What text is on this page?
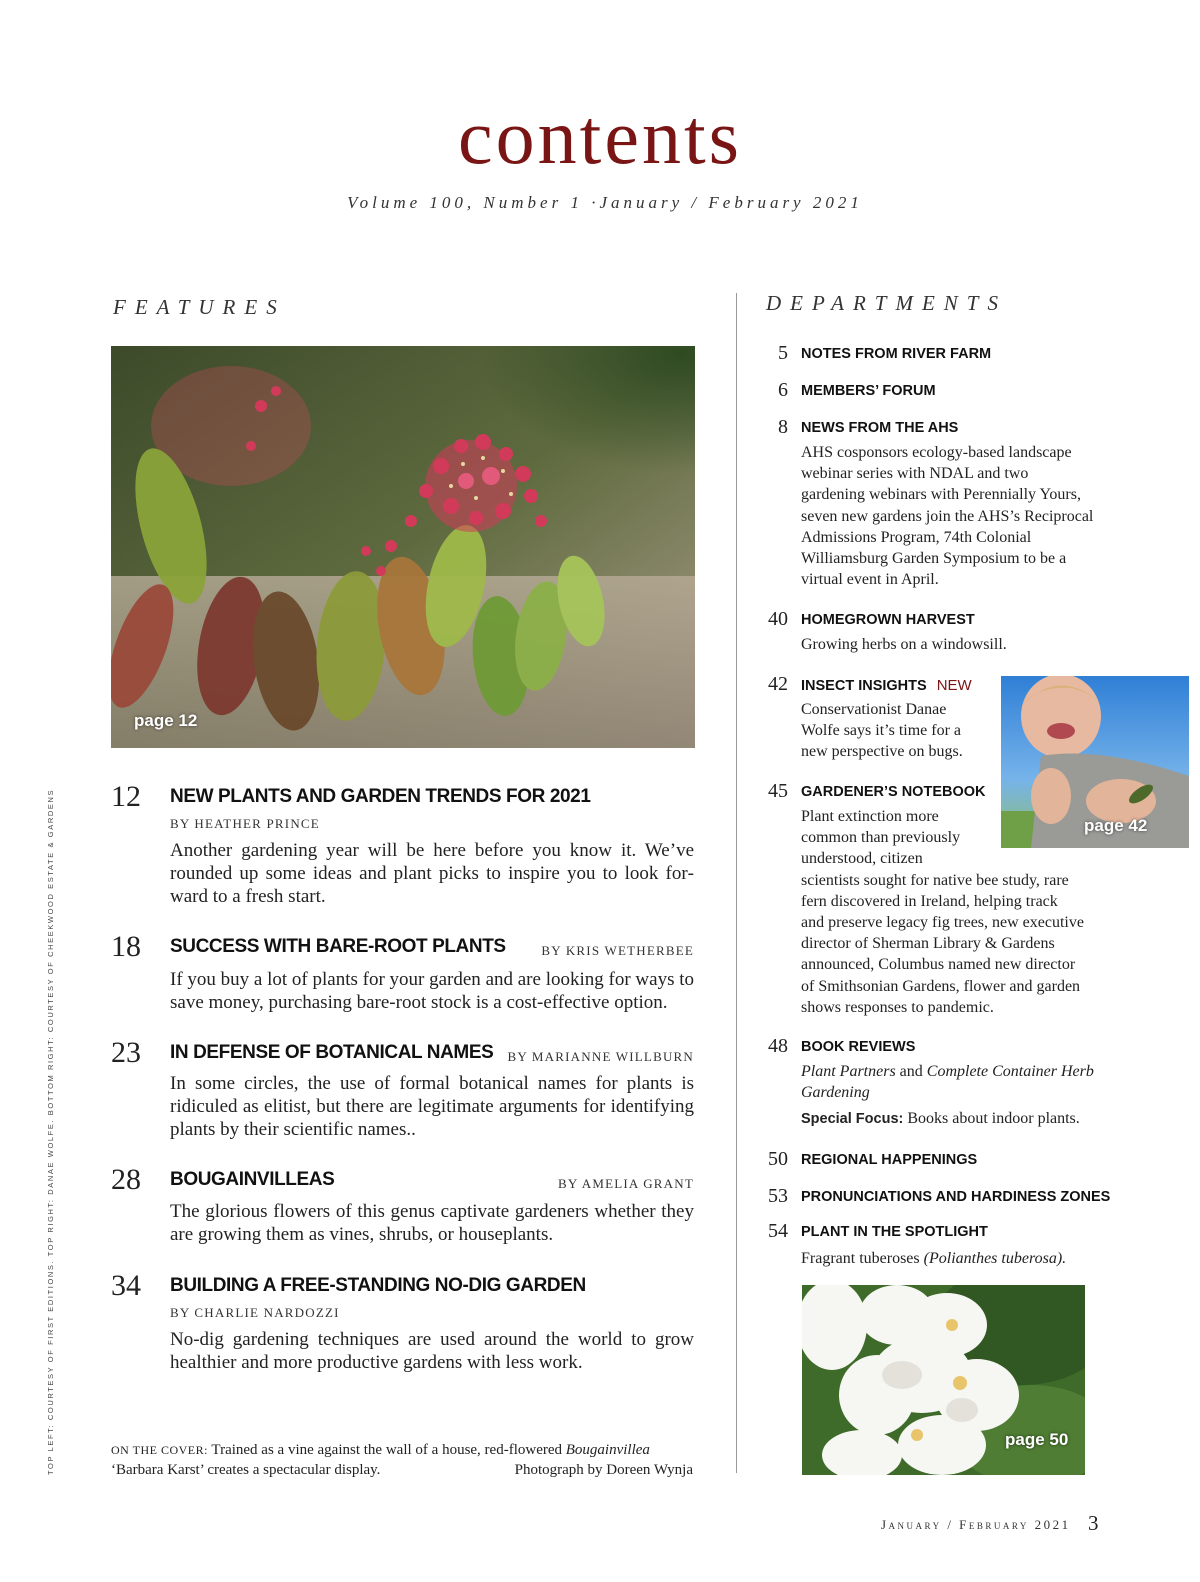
contents
Volume 100, Number 1 ·January / February 2021
FEATURES	DEPARTMENTS
page 12
12 NEW PLANTS AND GARDEN TRENDS FOR 2021
BY HEATHER PRINCE
Another gardening year will be here before you know it. We’ve rounded up some ideas and plant picks to inspire you to look forward to a fresh start.
18 SUCCESS WITH BARE-ROOT PLANTS	BY KRIS WETHERBEE
If you buy a lot of plants for your garden and are looking for ways to save money, purchasing bare-root stock is a cost-effective option.
23 IN DEFENSE OF BOTANICAL NAMES BY MARIANNE WILLBURN
In some circles, the use of formal botanical names for plants is ridiculed as elitist, but there are legitimate arguments for identifying plants by their scientific names..
28 BOUGAINVILLEAS	BY AMELIA GRANT
The glorious flowers of this genus captivate gardeners whether they are growing them as vines, shrubs, or houseplants.
34 BUILDING A FREE-STANDING NO-DIG GARDEN
BY CHARLIE NARDOZZI
No-dig gardening techniques are used around the world to grow healthier and more productive gardens with less work.
5 NOTES FROM RIVER FARM
6 MEMBERS’ FORUM
8 NEWS FROM THE AHS
AHS cosponsors ecology-based landscape
webinar series with NDAL and two
gardening webinars with Perennially Yours,
seven new gardens join the AHS’s Reciprocal
Admissions Program, 74th Colonial
Williamsburg Garden Symposium to be a
virtual event in April.
40 HOMEGROWN HARVEST
Growing herbs on a windowsill.
42 INSECT INSIGHTS NEW
Conservationist Danae
Wolfe says it’s time for a
new perspective on bugs.
page 42
45 GARDENER’S NOTEBOOK
Plant extinction more
common than previously
understood, citizen
scientists sought for native bee study, rare
fern discovered in Ireland, helping track
and preserve legacy fig trees, new executive
director of Sherman Library & Gardens
announced, Columbus named new director
of Smithsonian Gardens, flower and garden
shows responses to pandemic.
48 BOOK REVIEWS
Plant Partners and Complete Container Herb
Gardening
Special Focus: Books about indoor plants.
50 REGIONAL HAPPENINGS
53 PRONUNCIATIONS AND HARDINESS ZONES
54 PLANT IN THE SPOTLIGHT
Fragrant tuberoses (Polianthes tuberosa).
page 50
ON THE COVER: Trained as a vine against the wall of a house, red-flowered Bougainvillea ‘Barbara Karst’ creates a spectacular display.	Photograph by Doreen Wynja
TOP LEFT: COURTESY OF FIRST EDITIONS. TOP RIGHT: DANAE WOLFE. BOTTOM RIGHT: COURTESY OF CHEEKWOOD ESTATE & GARDENS
January / February 2021 3
